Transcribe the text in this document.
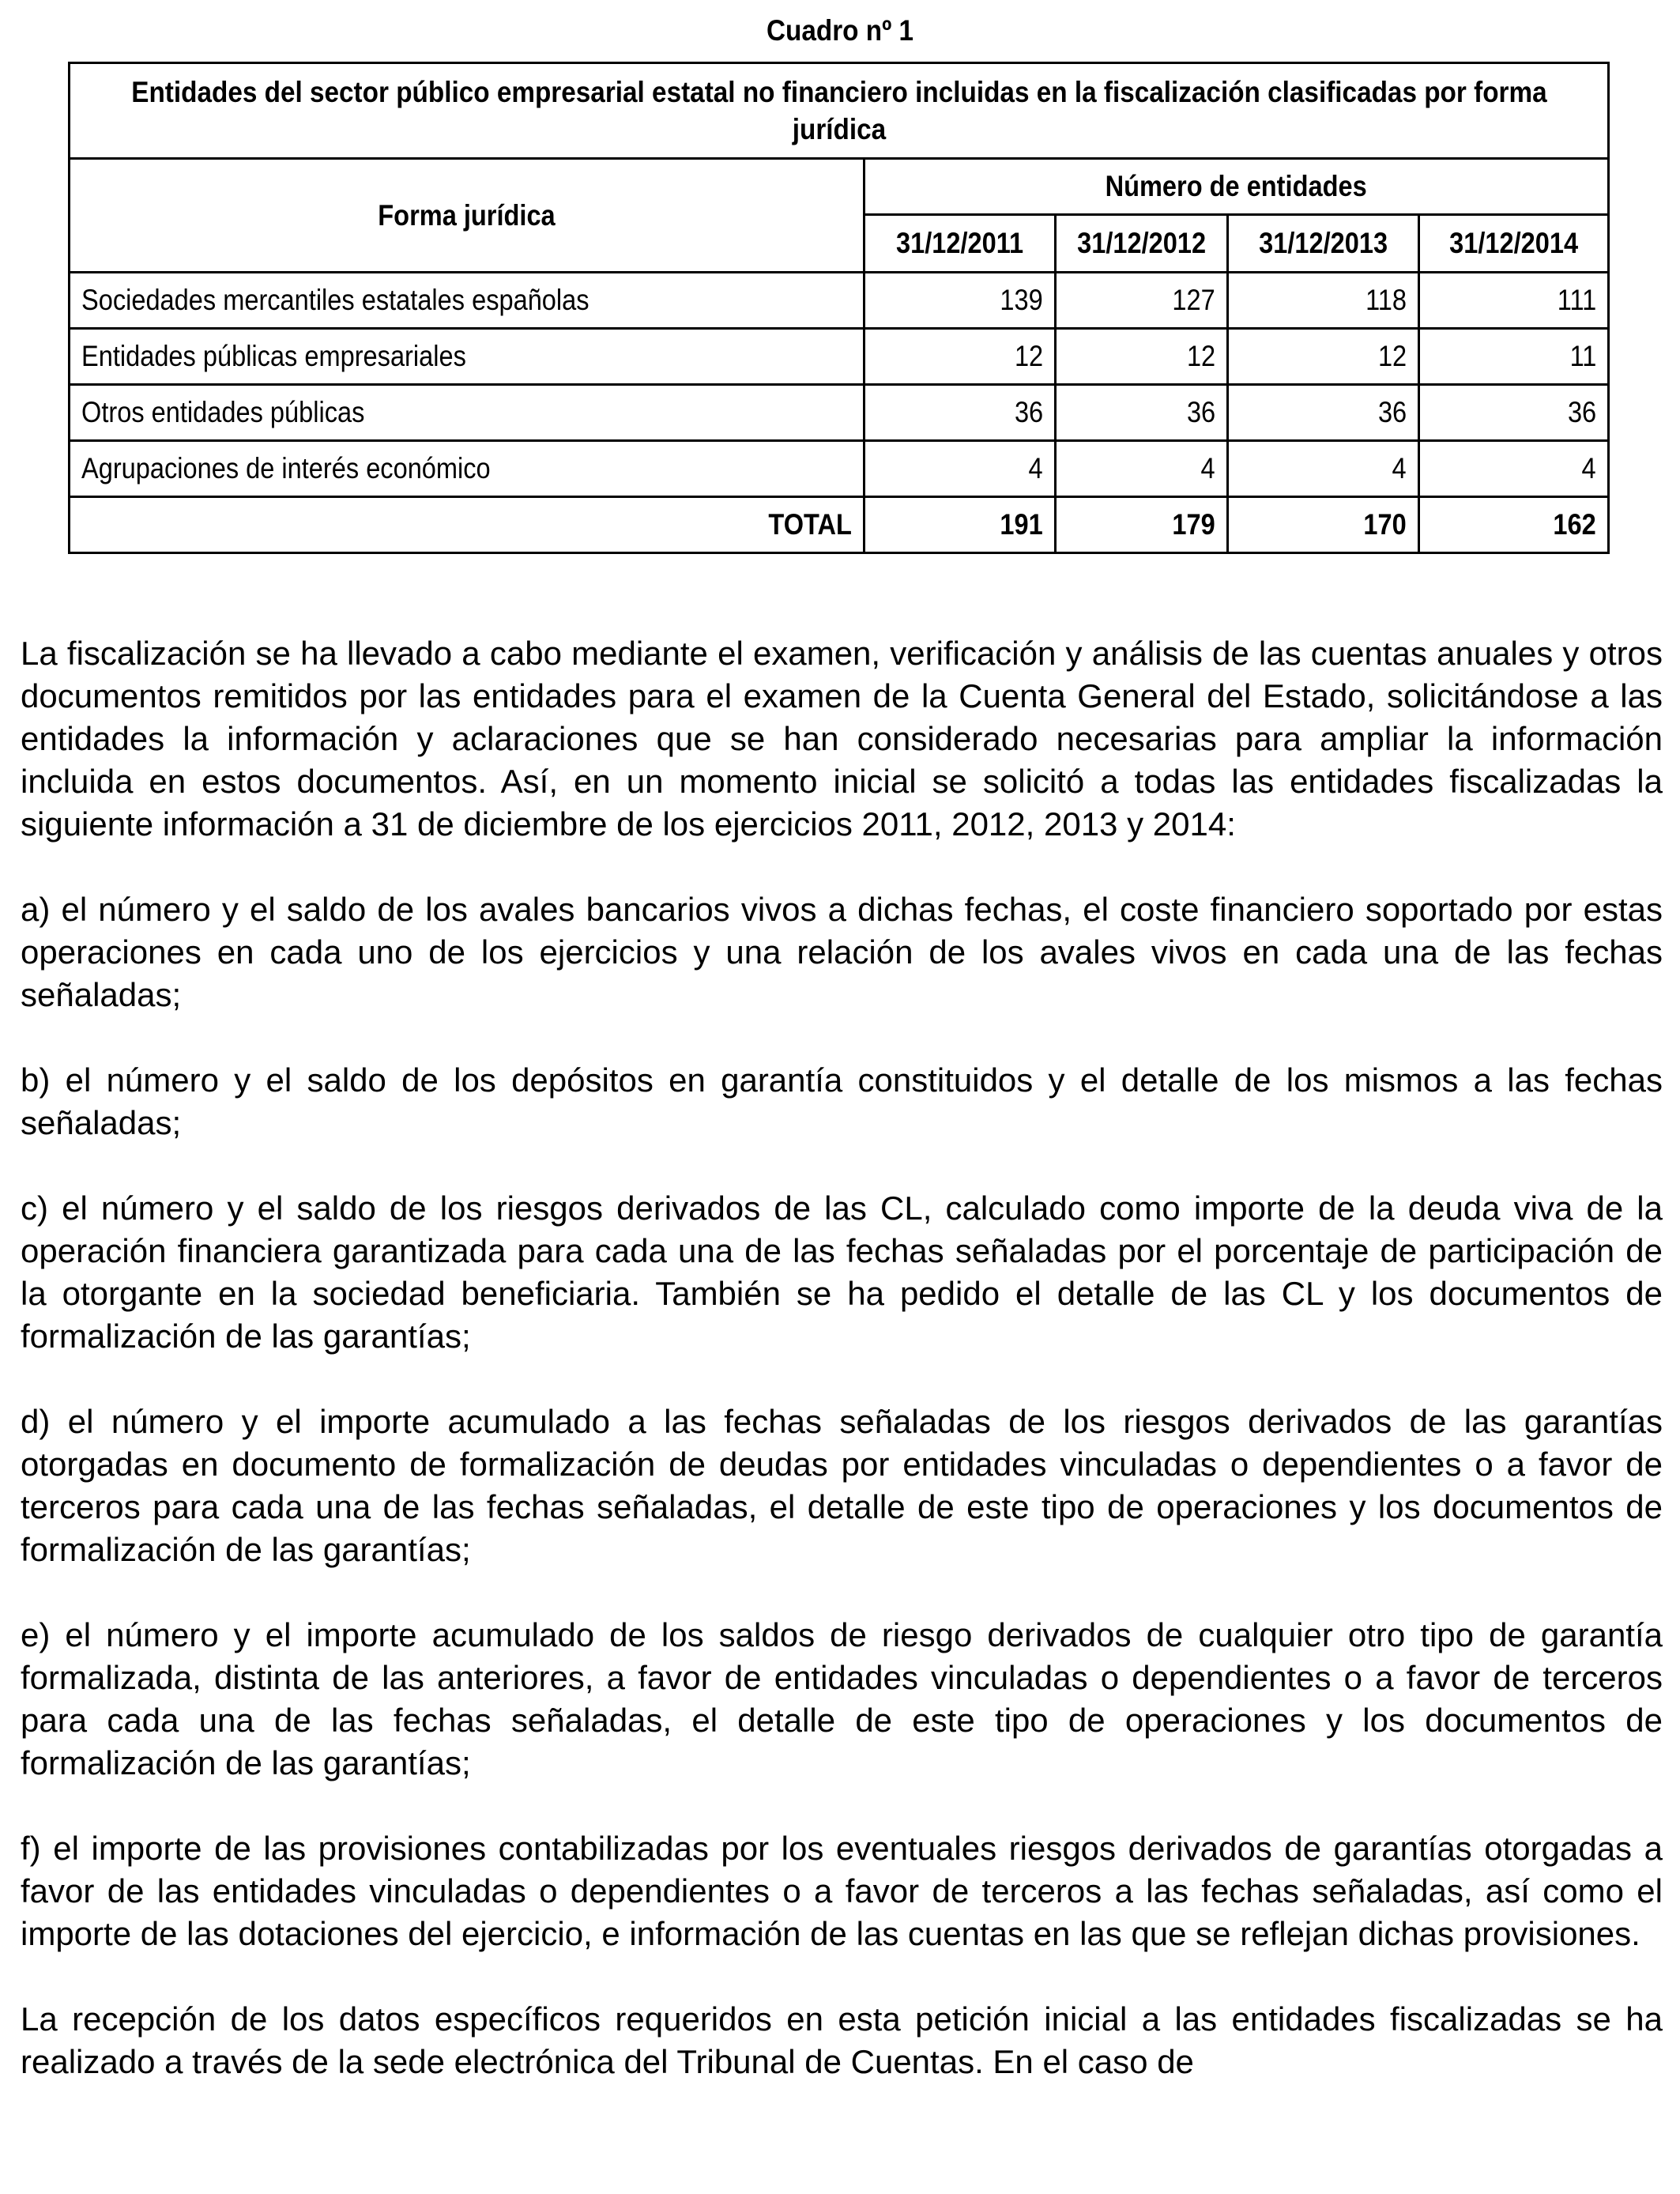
Cuadro nº 1
Entidades del sector público empresarial estatal no financiero incluidas en la fiscalización clasificadas por forma jurídica				

Forma jurídica	Número de entidades			
	31/12/2011	31/12/2012	31/12/2013	31/12/2014
Sociedades mercantiles estatales españolas	139	127	118	111
Entidades públicas empresariales	12	12	12	11
Otros entidades públicas	36	36	36	36
Agrupaciones de interés económico	4	4	4	4
TOTAL	191	179	170	162

La fiscalización se ha llevado a cabo mediante el examen, verificación y análisis de las cuentas anuales y otros documentos remitidos por las entidades para el examen de la Cuenta General del Estado, solicitándose a las entidades la información y aclaraciones que se han considerado necesarias para ampliar la información incluida en estos documentos. Así, en un momento inicial se solicitó a todas las entidades fiscalizadas la siguiente información a 31 de diciembre de los ejercicios 2011, 2012, 2013 y 2014:

a) el número y el saldo de los avales bancarios vivos a dichas fechas, el coste financiero soportado por estas operaciones en cada uno de los ejercicios y una relación de los avales vivos en cada una de las fechas señaladas;

b) el número y el saldo de los depósitos en garantía constituidos y el detalle de los mismos a las fechas señaladas;

c) el número y el saldo de los riesgos derivados de las CL, calculado como importe de la deuda viva de la operación financiera garantizada para cada una de las fechas señaladas por el porcentaje de participación de la otorgante en la sociedad beneficiaria. También se ha pedido el detalle de las CL y los documentos de formalización de las garantías;

d) el número y el importe acumulado a las fechas señaladas de los riesgos derivados de las garantías otorgadas en documento de formalización de deudas por entidades vinculadas o dependientes o a favor de terceros para cada una de las fechas señaladas, el detalle de este tipo de operaciones y los documentos de formalización de las garantías;

e) el número y el importe acumulado de los saldos de riesgo derivados de cualquier otro tipo de garantía formalizada, distinta de las anteriores, a favor de entidades vinculadas o dependientes o a favor de terceros para cada una de las fechas señaladas, el detalle de este tipo de operaciones y los documentos de formalización de las garantías;

f) el importe de las provisiones contabilizadas por los eventuales riesgos derivados de garantías otorgadas a favor de las entidades vinculadas o dependientes o a favor de terceros a las fechas señaladas, así como el importe de las dotaciones del ejercicio, e información de las cuentas en las que se reflejan dichas provisiones.

La recepción de los datos específicos requeridos en esta petición inicial a las entidades fiscalizadas se ha realizado a través de la sede electrónica del Tribunal de Cuentas. En el caso de
